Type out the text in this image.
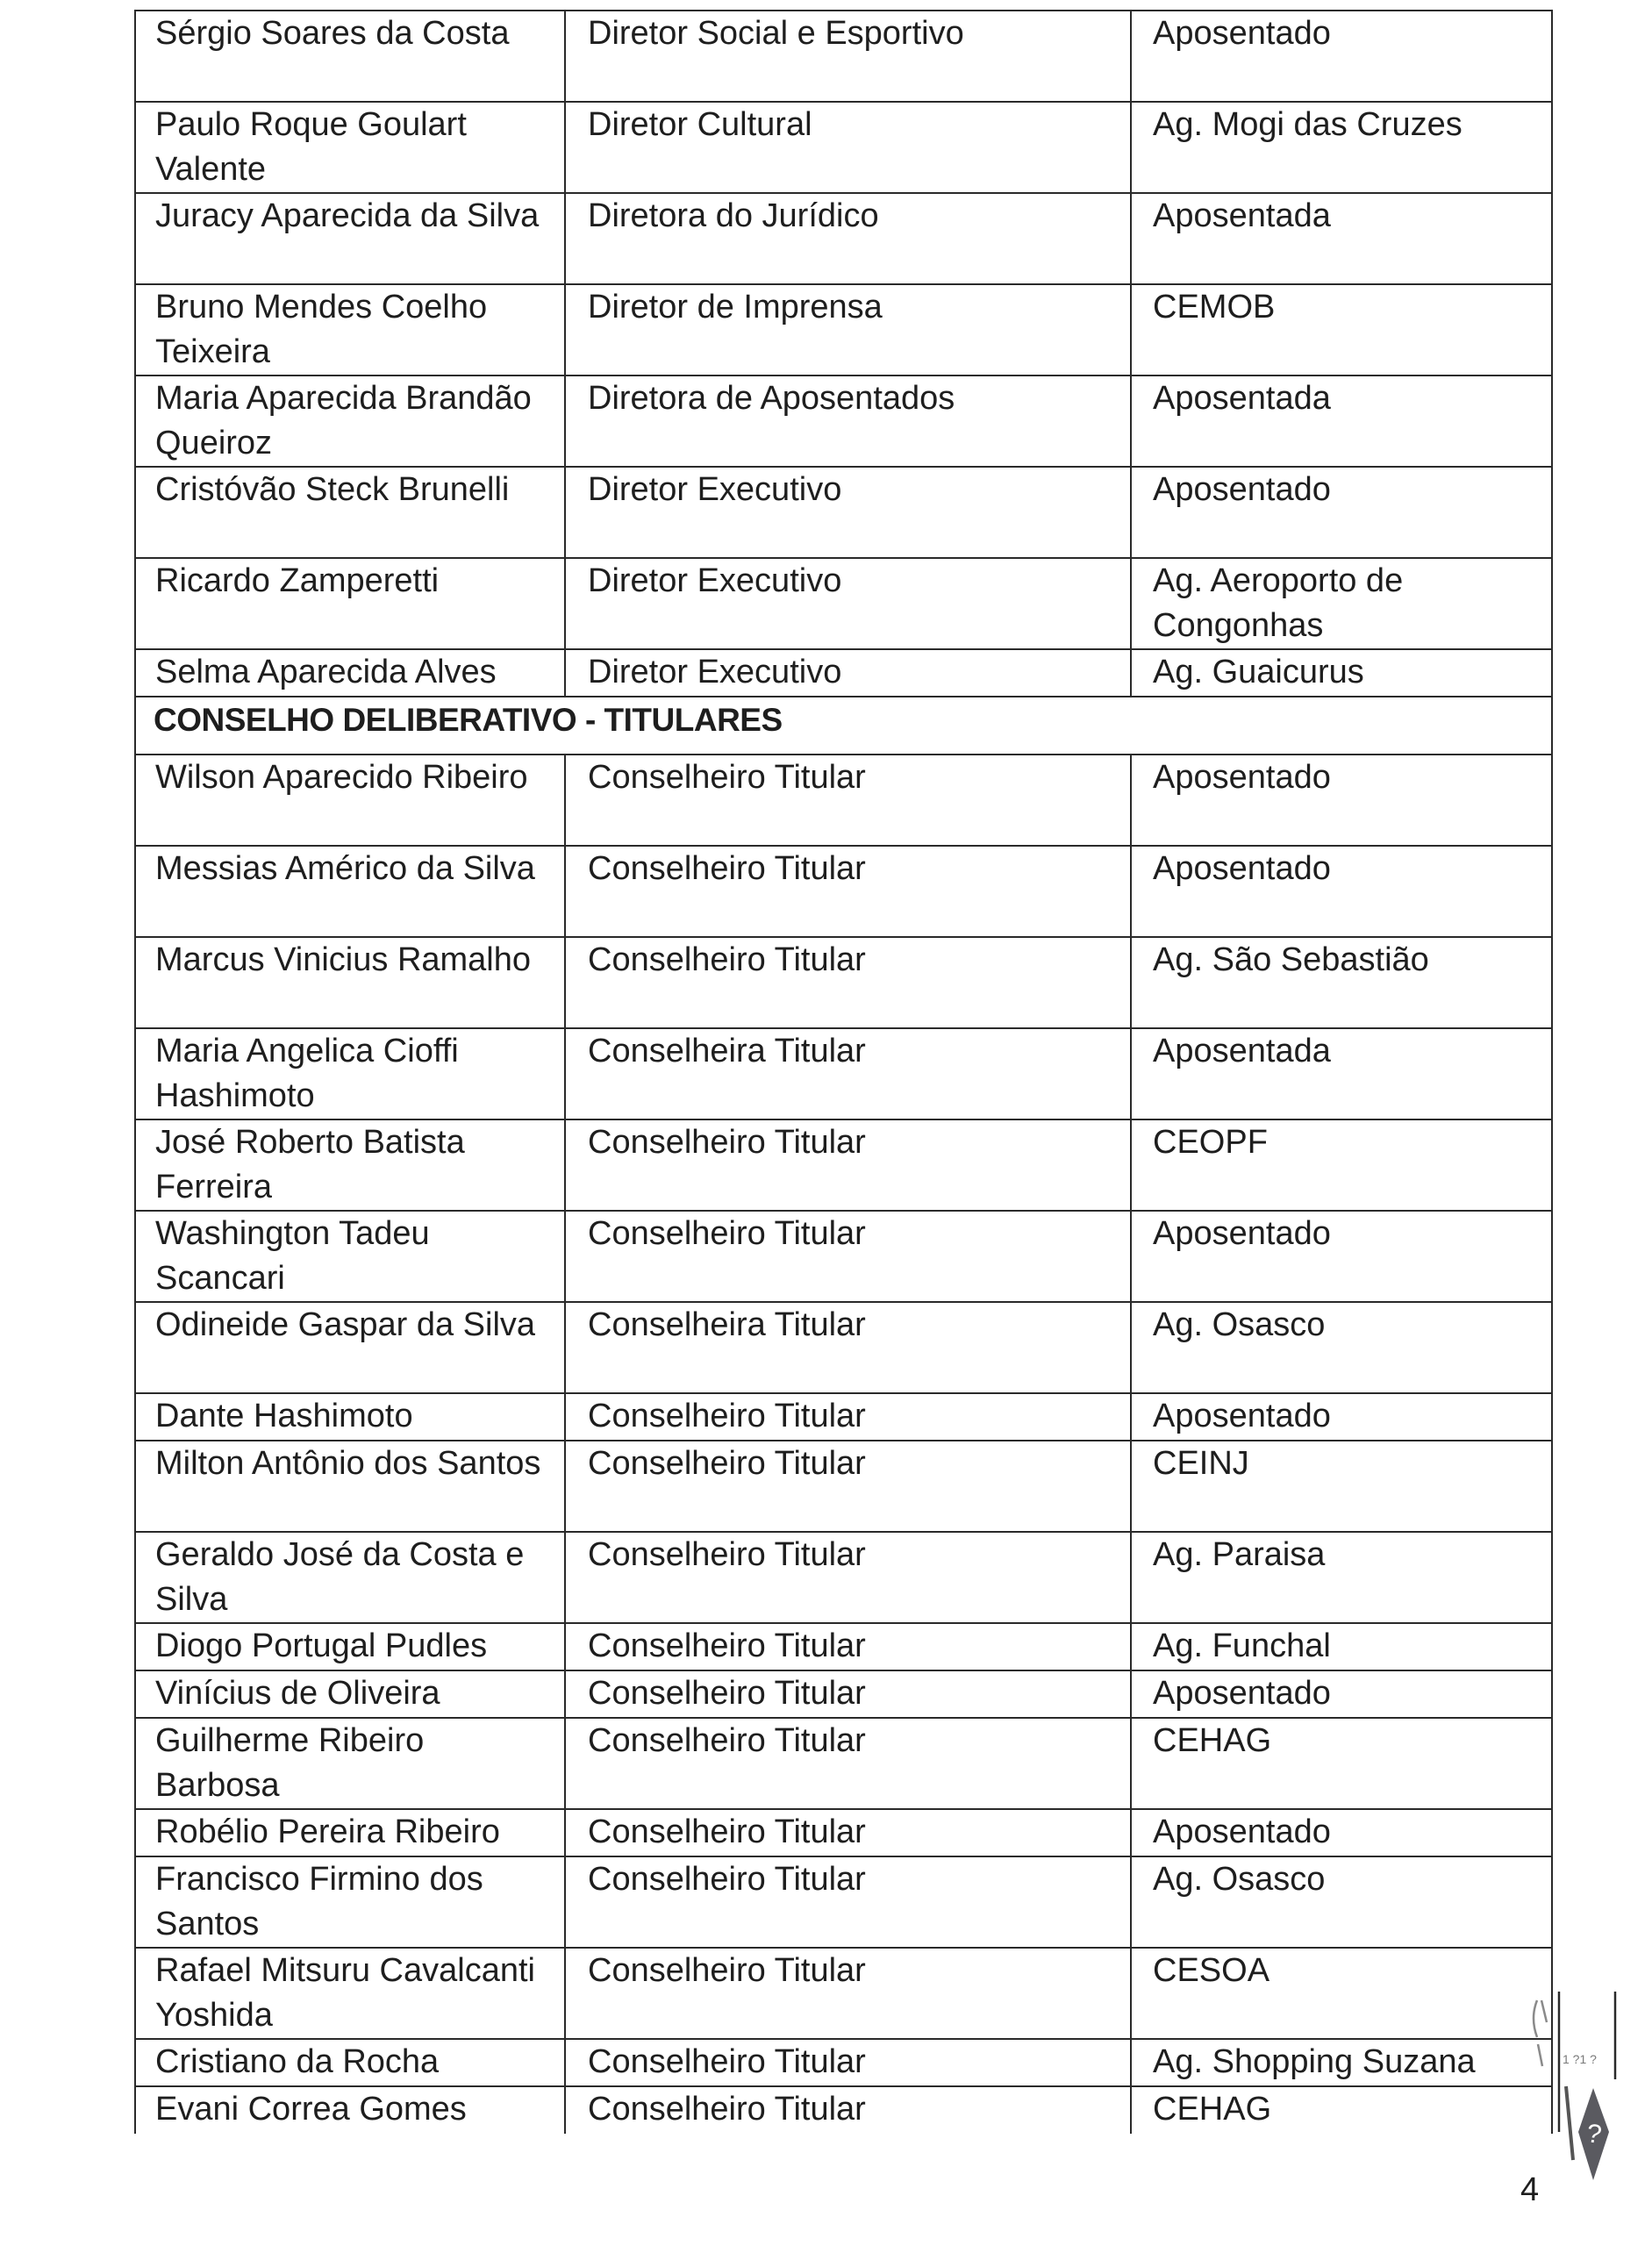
Sérgio Soares da Costa	Diretor Social e Esportivo	Aposentado
Paulo Roque Goulart Valente	Diretor Cultural	Ag. Mogi das Cruzes
Juracy Aparecida da Silva	Diretora do Jurídico	Aposentada
Bruno Mendes Coelho Teixeira	Diretor de Imprensa	CEMOB
Maria Aparecida Brandão Queiroz	Diretora de Aposentados	Aposentada
Cristóvão Steck Brunelli	Diretor Executivo	Aposentado
Ricardo Zamperetti	Diretor Executivo	Ag. Aeroporto de Congonhas
Selma Aparecida Alves	Diretor Executivo	Ag. Guaicurus
CONSELHO DELIBERATIVO - TITULARES		
Wilson Aparecido Ribeiro	Conselheiro Titular	Aposentado
Messias Américo da Silva	Conselheiro Titular	Aposentado
Marcus Vinicius Ramalho	Conselheiro Titular	Ag. São Sebastião
Maria Angelica Cioffi Hashimoto	Conselheira Titular	Aposentada
José Roberto Batista Ferreira	Conselheiro Titular	CEOPF
Washington Tadeu Scancari	Conselheiro Titular	Aposentado
Odineide Gaspar da Silva	Conselheira Titular	Ag. Osasco
Dante Hashimoto	Conselheiro Titular	Aposentado
Milton Antônio dos Santos	Conselheiro Titular	CEINJ
Geraldo José da Costa e Silva	Conselheiro Titular	Ag. Paraisa
Diogo Portugal Pudles	Conselheiro Titular	Ag. Funchal
Vinícius de Oliveira	Conselheiro Titular	Aposentado
Guilherme Ribeiro Barbosa	Conselheiro Titular	CEHAG
Robélio Pereira Ribeiro	Conselheiro Titular	Aposentado
Francisco Firmino dos Santos	Conselheiro Titular	Ag. Osasco
Rafael Mitsuru Cavalcanti Yoshida	Conselheiro Titular	CESOA
Cristiano da Rocha	Conselheiro Titular	Ag. Shopping Suzana
Evani Correa Gomes	Conselheiro Titular	CEHAG
1 ?1 ?
?
4
